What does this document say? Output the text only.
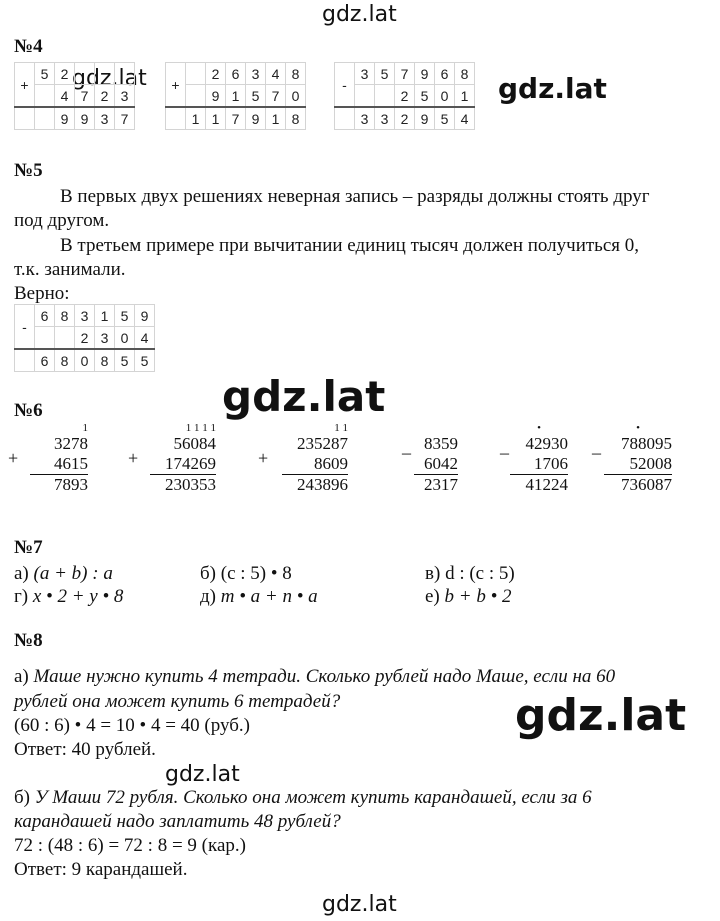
gdz.lat
gdz.lat	gdz.lat
gdz.lat
gdz.lat
gdz.lat
gdz.lat
№4
+	5	2			
		4	7	2	3
		9	9	3	7
+		2	6	3	4	8
		9	1	5	7	0
	1	1	7	9	1	8
-	3	5	7	9	6	8
			2	5	0	1
	3	3	2	9	5	4
№5
В первых двух решениях неверная запись – разряды должны стоять друг
под другом.
В третьем примере при вычитании единиц тысяч должен получиться 0,
т.к. занимали.
Верно:
-	6	8	3	1	5	9
			2	3	0	4
	6	8	0	8	5	5
№6
+
1
3278
4615
7893
+
1 1 1 1
56084
174269
230353
+
1 1
235287
8609
243896
_ 8359
6042
2317
_
•
42930
1706
41224
_
•
788095
52008
736087
№7
а) (a + b) : a	б) (c : 5) • 8	в) d : (c : 5)
г) x • 2 + y • 8	д) m • a + n • a	е) b + b • 2
№8
а) Маше нужно купить 4 тетради. Сколько рублей надо Маше, если на 60
рублей она может купить 6 тетрадей?
(60 : 6) • 4 = 10 • 4 = 40 (руб.)
Ответ: 40 рублей.
б) У Маши 72 рубля. Сколько она может купить карандашей, если за 6
карандашей надо заплатить 48 рублей?
72 : (48 : 6) = 72 : 8 = 9 (кар.)
Ответ: 9 карандашей.
